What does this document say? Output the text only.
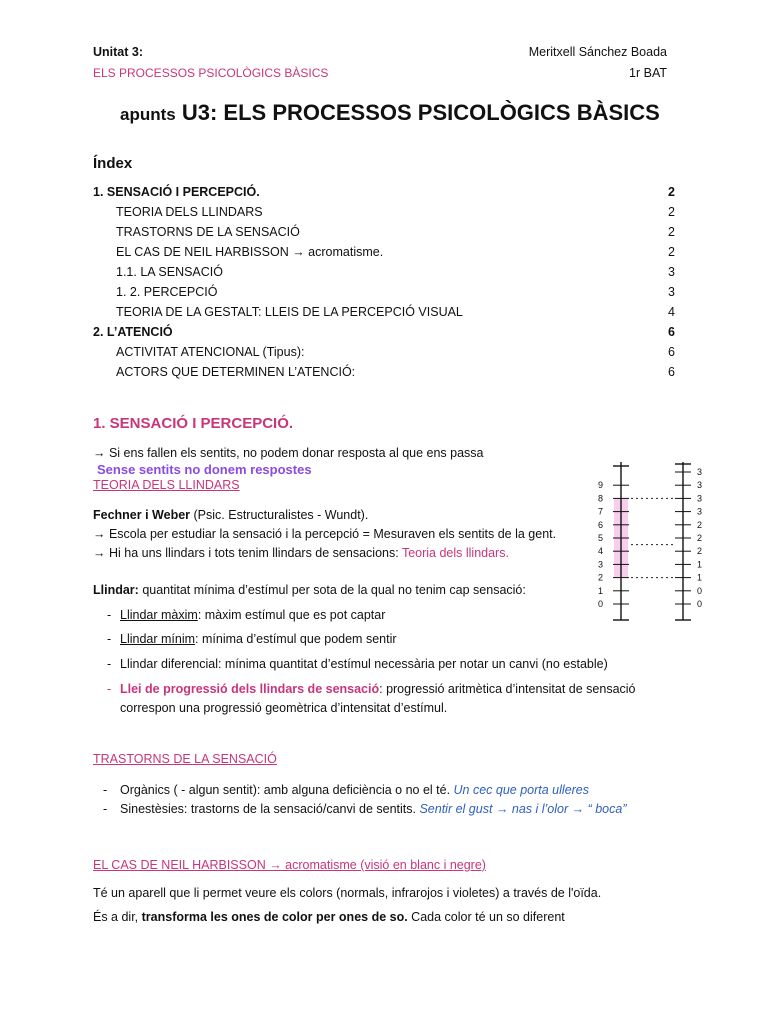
Unitat 3:	Meritxell Sánchez Boada
ELS PROCESSOS PSICOLÒGICS BÀSICS	1r BAT
apunts U3: ELS PROCESSOS PSICOLÒGICS BÀSICS
Índex
1. SENSACIÓ I PERCEPCIÓ.	2
TEORIA DELS LLINDARS	2
TRASTORNS DE LA SENSACIÓ	2
EL CAS DE NEIL HARBISSON → acromatisme.	2
1.1. LA SENSACIÓ	3
1. 2. PERCEPCIÓ	3
TEORIA DE LA GESTALT: LLEIS DE LA PERCEPCIÓ VISUAL	4
2. L’ATENCIÓ	6
ACTIVITAT ATENCIONAL (Tipus):	6
ACTORS QUE DETERMINEN L’ATENCIÓ:	6
1. SENSACIÓ I PERCEPCIÓ.
→ Si ens fallen els sentits, no podem donar resposta al que ens passa
Sense sentits no donem respostes
TEORIA DELS LLINDARS
Fechner i Weber (Psic. Estructuralistes - Wundt).
→ Escola per estudiar la sensació i la percepció = Mesuraven els sentits de la gent.
→ Hi ha uns llindars i tots tenim llindars de sensacions: Teoria dels llindars.
Llindar: quantitat mínima d’estímul per sota de la qual no tenim cap sensació:
- Llindar màxim: màxim estímul que es pot captar
- Llindar mínim: mínima d’estímul que podem sentir
- Llindar diferencial: mínima quantitat d’estímul necessària per notar un canvi (no estable)
- Llei de progressió dels llindars de sensació: progressió aritmètica d’intensitat de sensació
correspon una progressió geomètrica d’intensitat d’estímul.
TRASTORNS DE LA SENSACIÓ
- Orgànics ( - algun sentit): amb alguna deficiència o no el té. Un cec que porta ulleres
- Sinestèsies: trastorns de la sensació/canvi de sentits. Sentir el gust → nas i l’olor → “ boca”
EL CAS DE NEIL HARBISSON → acromatisme (visió en blanc i negre)
Té un aparell que li permet veure els colors (normals, infrarojos i violetes) a través de l'oïda.
És a dir, transforma les ones de color per ones de so. Cada color té un so diferent
9
8
7
6
5
4
3
2
1
0
3
3
3
3
2
2
2
1
1
0
0
